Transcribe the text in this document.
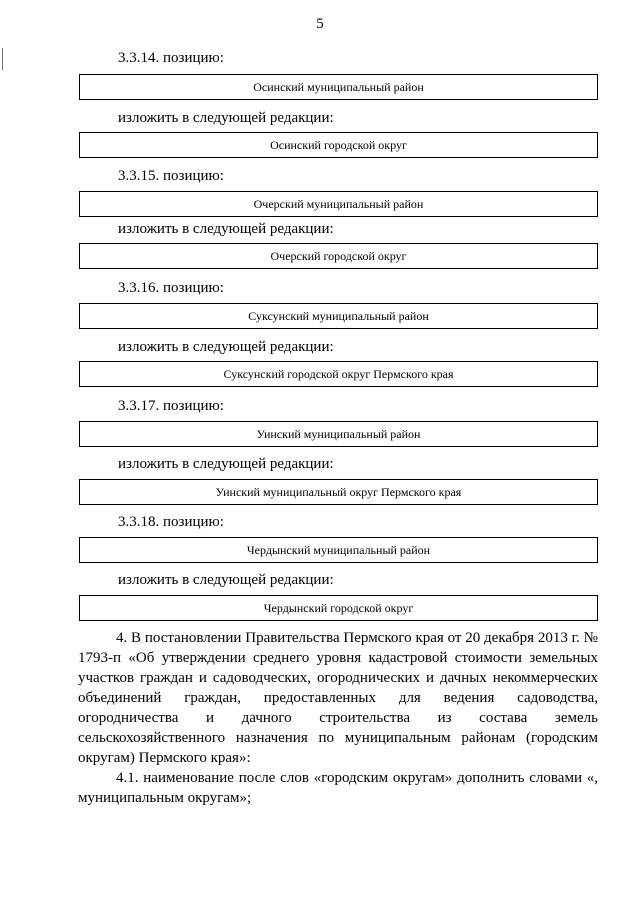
5
3.3.14. позицию:
Осинский муниципальный район
изложить в следующей редакции:
Осинский городской округ
3.3.15. позицию:
Очерский муниципальный район
изложить в следующей редакции:
Очерский городской округ
3.3.16. позицию:
Суксунский муниципальный район
изложить в следующей редакции:
Суксунский городской округ Пермского края
3.3.17. позицию:
Уинский муниципальный район
изложить в следующей редакции:
Уинский муниципальный округ Пермского края
3.3.18. позицию:
Чердынский муниципальный район
изложить в следующей редакции:
Чердынский городской округ
4. В постановлении Правительства Пермского края от 20 декабря 2013 г. № 1793-п «Об утверждении среднего уровня кадастровой стоимости земельных участков граждан и садоводческих, огороднических и дачных некоммерческих объединений граждан, предоставленных для ведения садоводства, огородничества и дачного строительства из состава земель сельскохозяйственного назначения по муниципальным районам (городским округам) Пермского края»:
4.1. наименование после слов «городским округам» дополнить словами «, муниципальным округам»;
